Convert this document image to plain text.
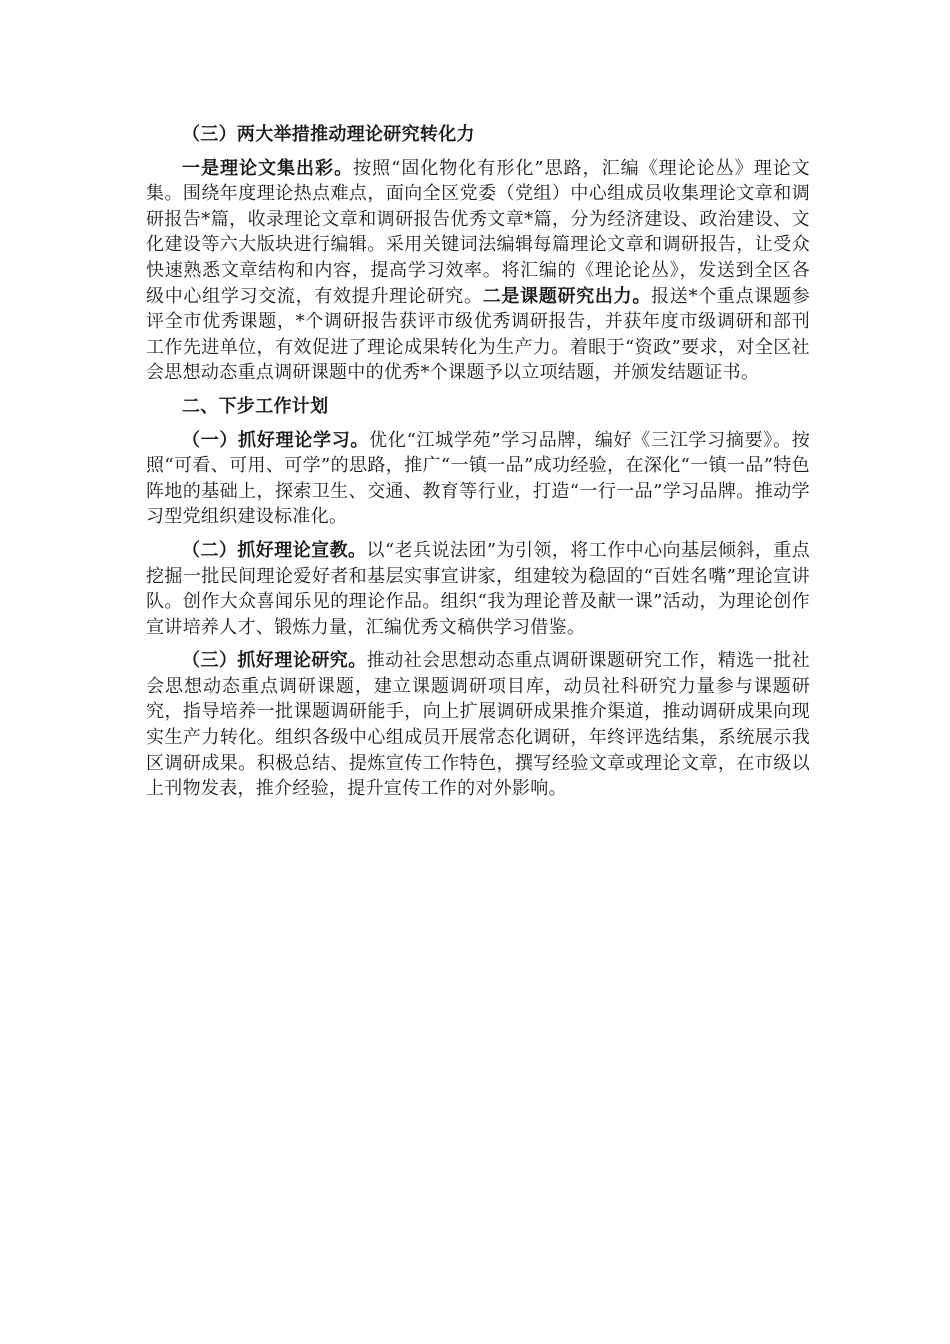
（三）两大举措推动理论研究转化力

一是理论文集出彩。按照“固化物化有形化”思路，汇编《理论论丛》理论文集。围绕年度理论热点难点，面向全区党委（党组）中心组成员收集理论文章和调研报告*篇，收录理论文章和调研报告优秀文章*篇，分为经济建设、政治建设、文化建设等六大版块进行编辑。采用关键词法编辑每篇理论文章和调研报告，让受众快速熟悉文章结构和内容，提高学习效率。将汇编的《理论论丛》，发送到全区各级中心组学习交流，有效提升理论研究。二是课题研究出力。报送*个重点课题参评全市优秀课题，*个调研报告获评市级优秀调研报告，并获年度市级调研和部刊工作先进单位，有效促进了理论成果转化为生产力。着眼于“资政”要求，对全区社会思想动态重点调研课题中的优秀*个课题予以立项结题，并颁发结题证书。

二、下步工作计划

（一）抓好理论学习。优化“江城学苑”学习品牌，编好《三江学习摘要》。按照“可看、可用、可学”的思路，推广“一镇一品”成功经验，在深化“一镇一品”特色阵地的基础上，探索卫生、交通、教育等行业，打造“一行一品”学习品牌。推动学习型党组织建设标准化。

（二）抓好理论宣教。以“老兵说法团”为引领，将工作中心向基层倾斜，重点挖掘一批民间理论爱好者和基层实事宣讲家，组建较为稳固的“百姓名嘴”理论宣讲队。创作大众喜闻乐见的理论作品。组织“我为理论普及献一课”活动，为理论创作宣讲培养人才、锻炼力量，汇编优秀文稿供学习借鉴。

（三）抓好理论研究。推动社会思想动态重点调研课题研究工作，精选一批社会思想动态重点调研课题，建立课题调研项目库，动员社科研究力量参与课题研究，指导培养一批课题调研能手，向上扩展调研成果推介渠道，推动调研成果向现实生产力转化。组织各级中心组成员开展常态化调研，年终评选结集，系统展示我区调研成果。积极总结、提炼宣传工作特色，撰写经验文章或理论文章，在市级以上刊物发表，推介经验，提升宣传工作的对外影响。
